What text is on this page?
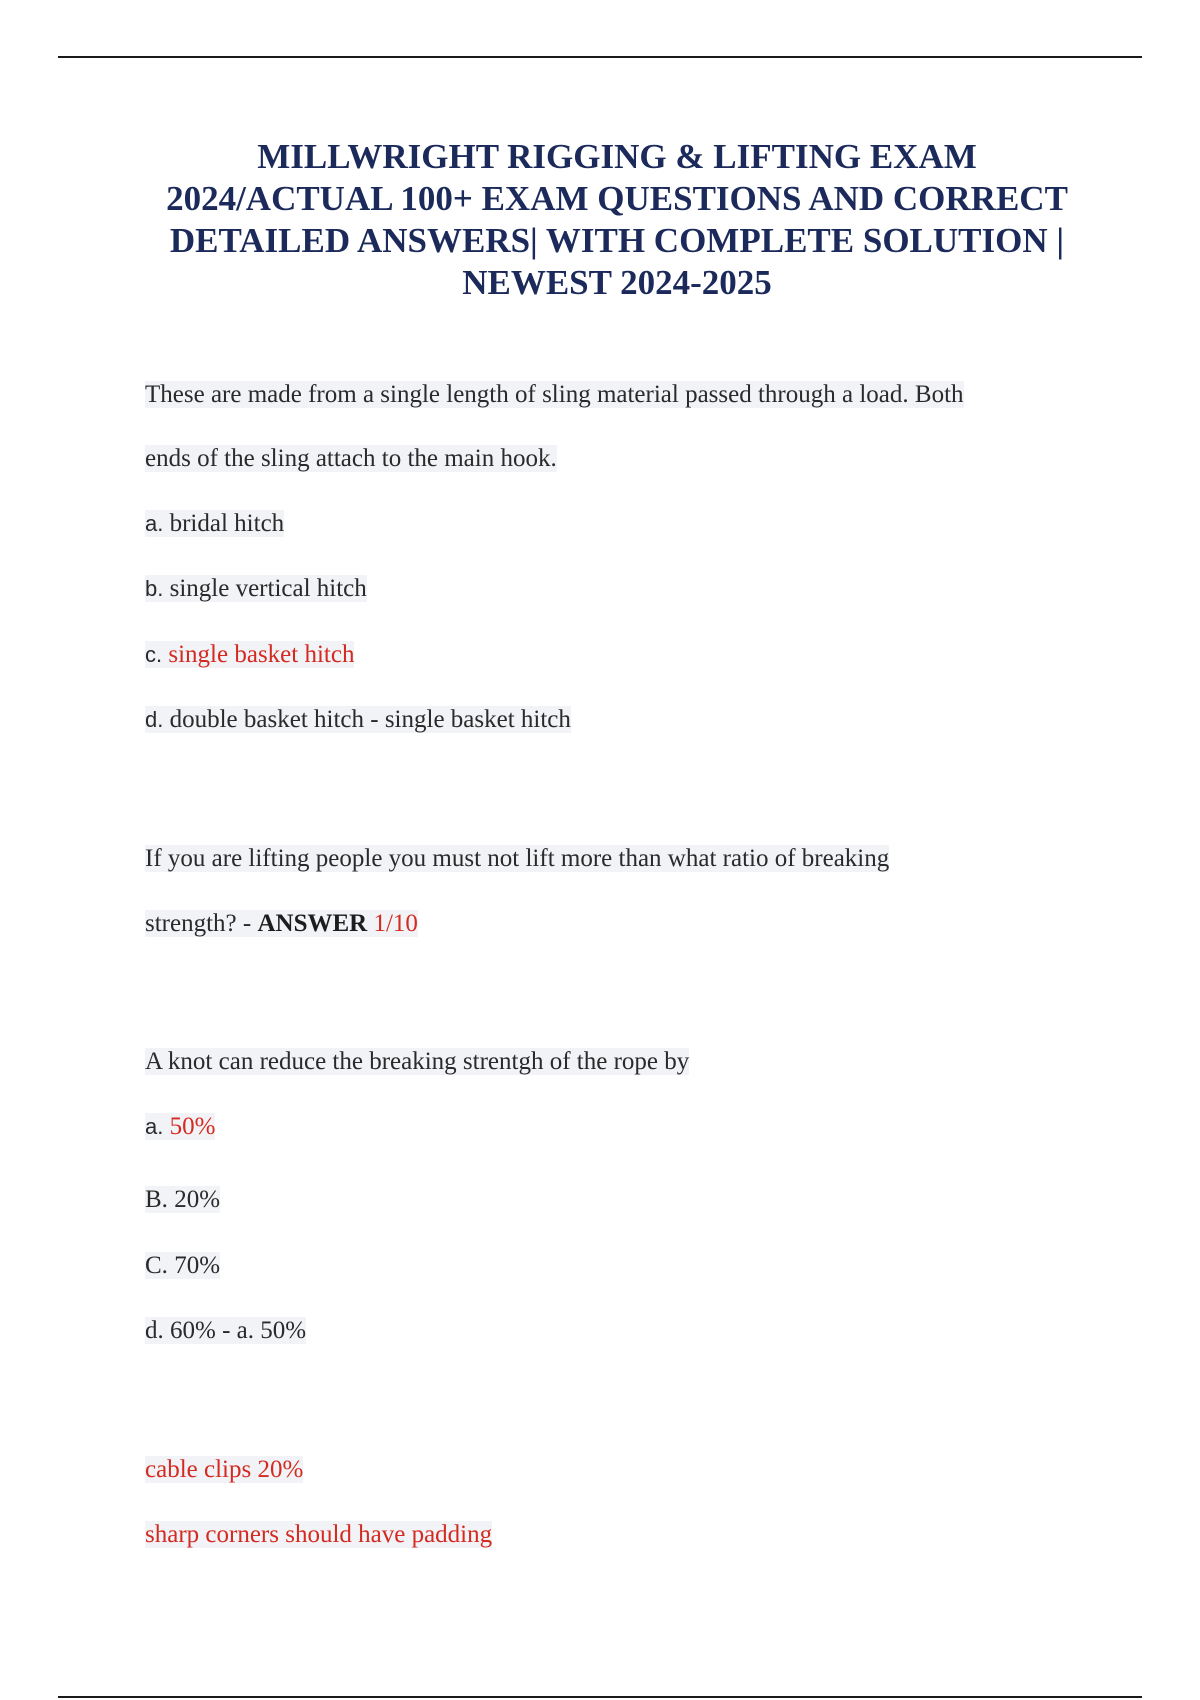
MILLWRIGHT RIGGING & LIFTING EXAM
2024/ACTUAL 100+ EXAM QUESTIONS AND CORRECT
DETAILED ANSWERS| WITH COMPLETE SOLUTION |
NEWEST 2024-2025
These are made from a single length of sling material passed through a load. Both
ends of the sling attach to the main hook.
a. bridal hitch
b. single vertical hitch
c. single basket hitch
d. double basket hitch - single basket hitch
If you are lifting people you must not lift more than what ratio of breaking
strength? - ANSWER 1/10
A knot can reduce the breaking strentgh of the rope by
a. 50%
B. 20%
C. 70%
d. 60% - a. 50%
cable clips 20%
sharp corners should have padding
